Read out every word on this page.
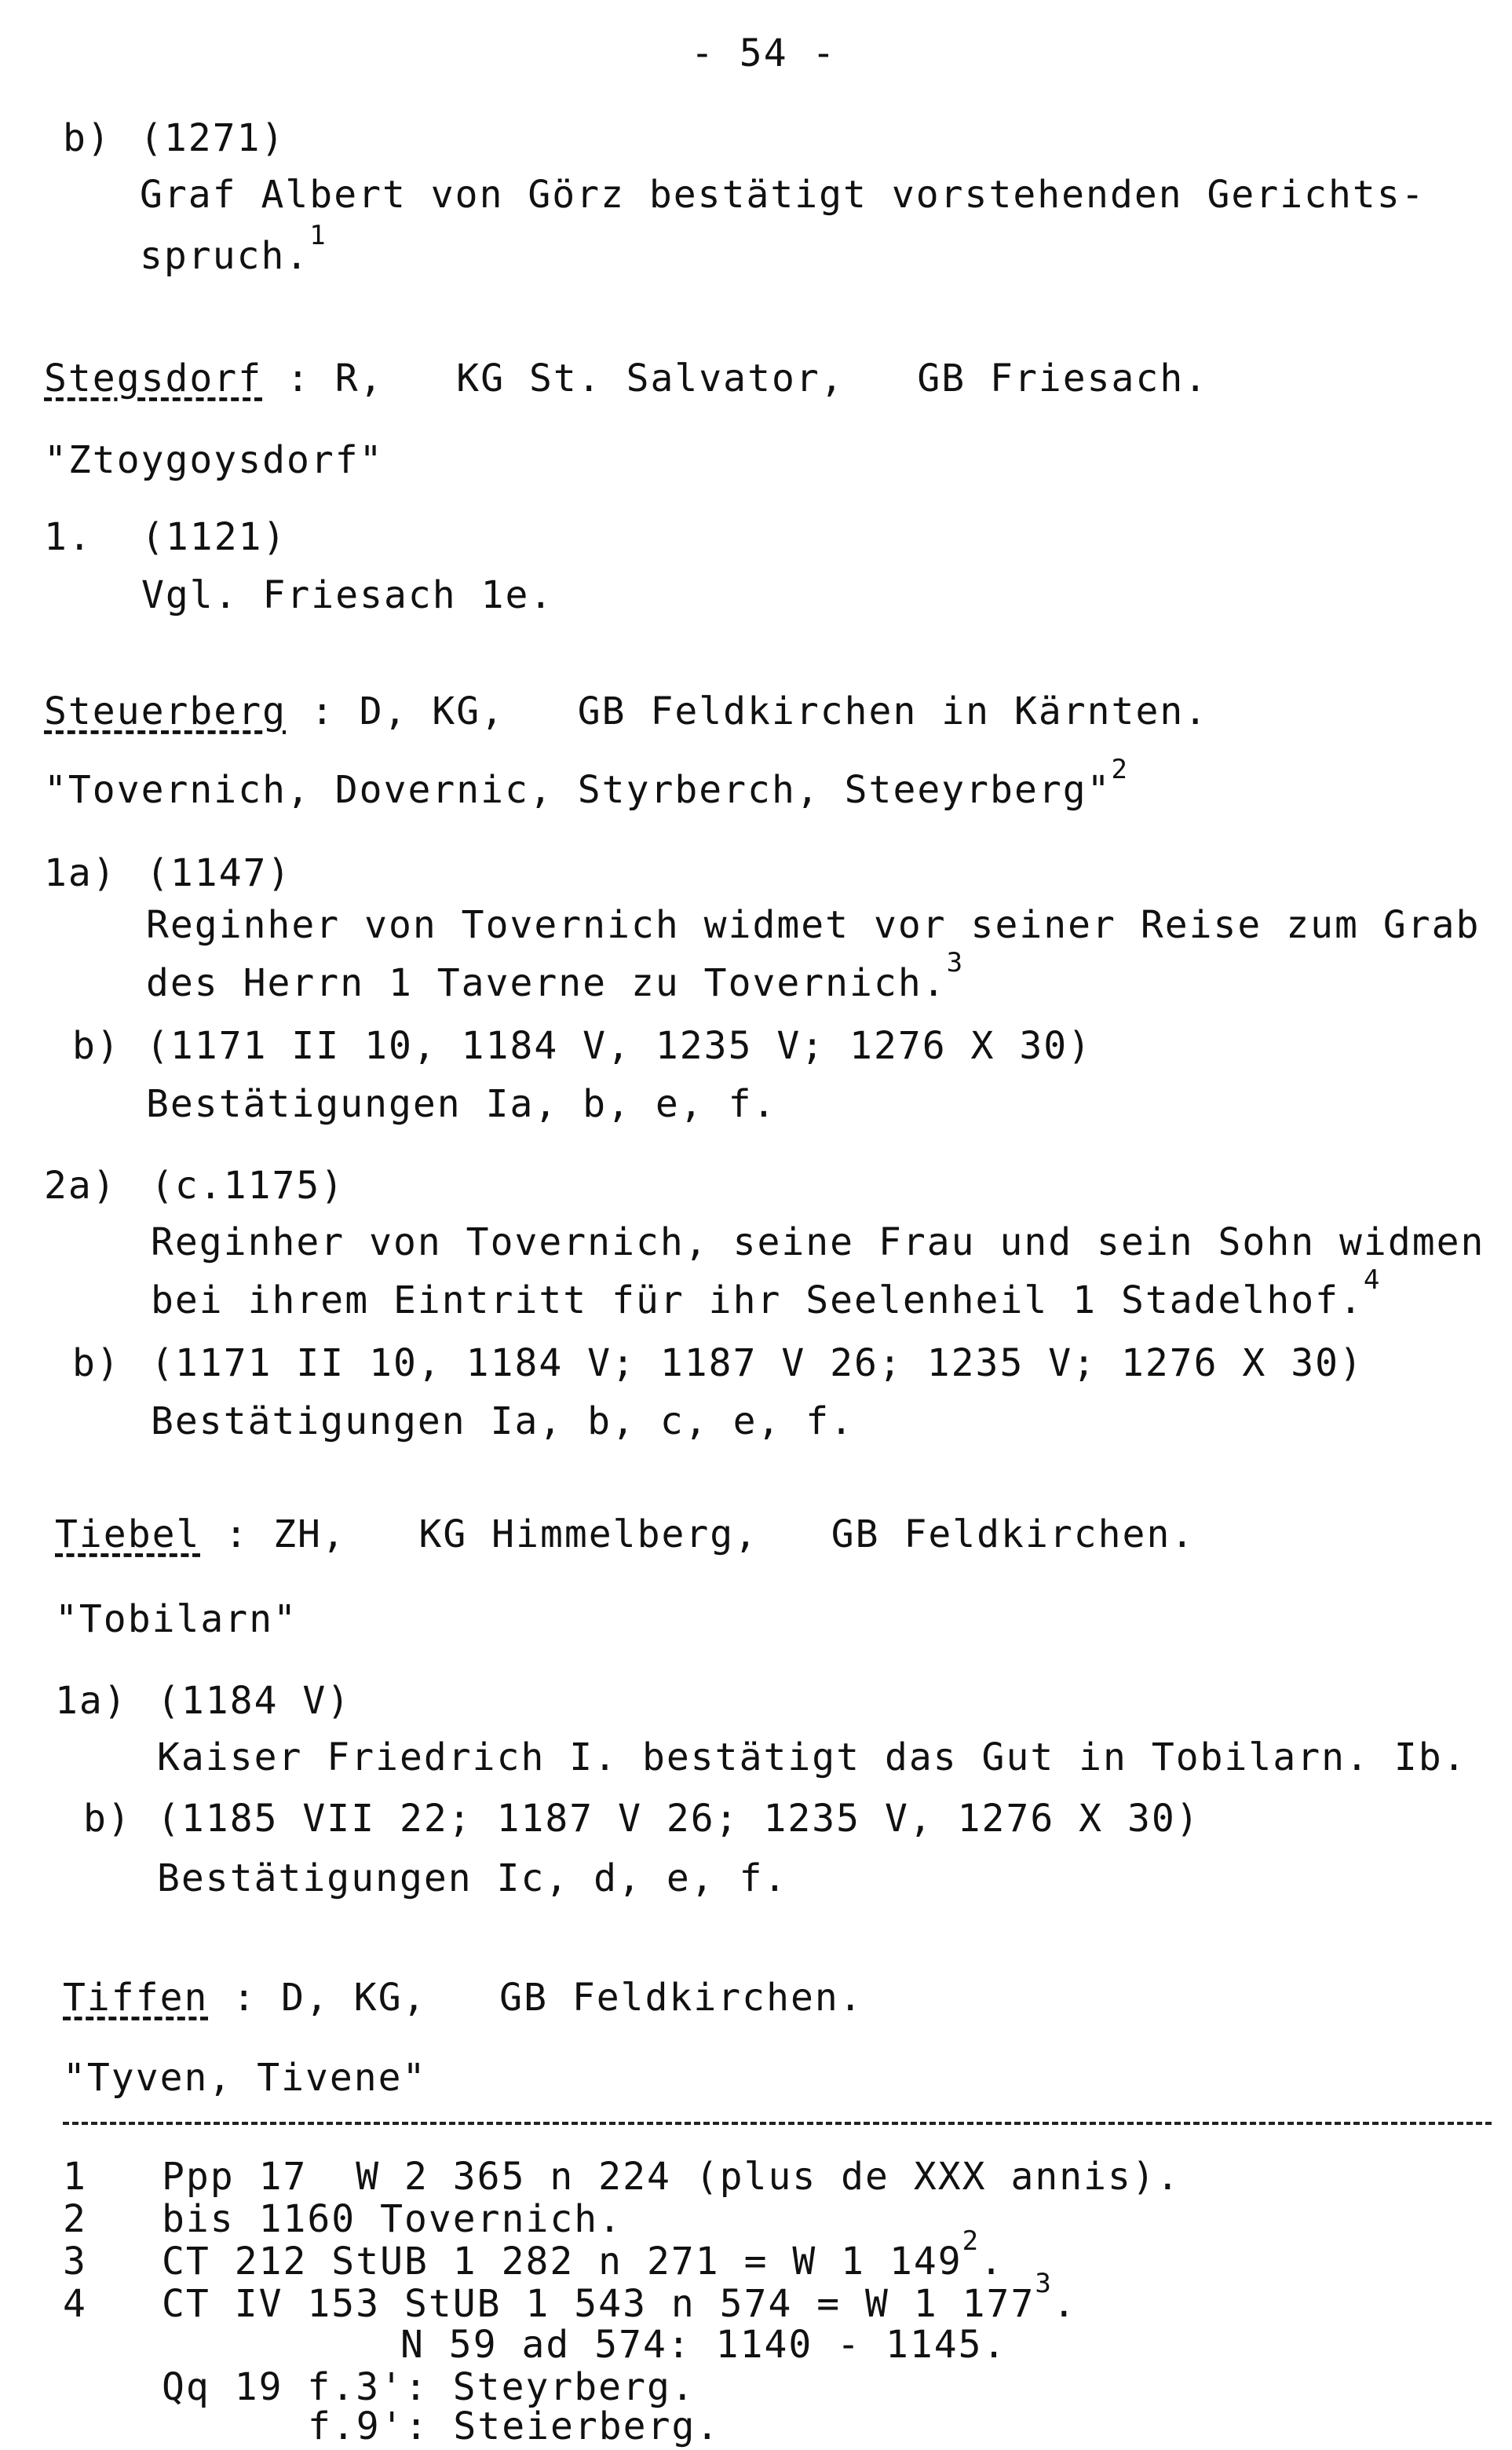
- 54 -
b) (1271)
Graf Albert von Görz bestätigt vorstehenden Gerichts-
spruch.$^1$
Stegsdorf : R,   KG St. Salvator,   GB Friesach.
"Ztoygoysdorf"
1. (1121)
Vgl. Friesach 1e.
Steuerberg : D, KG,   GB Feldkirchen in Kärnten.
"Tovernich, Dovernic, Styrberch, Steeyrberg"$^2$
1a) (1147)
Reginher von Tovernich widmet vor seiner Reise zum Grab
des Herrn 1 Taverne zu Tovernich.$^3$
b) (1171 II 10, 1184 V, 1235 V; 1276 X 30)
Bestätigungen Ia, b, e, f.
2a) (c.1175)
Reginher von Tovernich, seine Frau und sein Sohn widmen
bei ihrem Eintritt für ihr Seelenheil 1 Stadelhof.$^4$
b) (1171 II 10, 1184 V; 1187 V 26; 1235 V; 1276 X 30)
Bestätigungen Ia, b, c, e, f.
Tiebel : ZH,   KG Himmelberg,   GB Feldkirchen.
"Tobilarn"
1a) (1184 V)
Kaiser Friedrich I. bestätigt das Gut in Tobilarn. Ib.
b) (1185 VII 22; 1187 V 26; 1235 V, 1276 X 30)
Bestätigungen Ic, d, e, f.
Tiffen : D, KG,   GB Feldkirchen.
"Tyven, Tivene"
1 Ppp 17  W 2 365 n 224 (plus de XXX annis).
2 bis 1160 Tovernich.
3 CT 212 StUB 1 282 n 271 = W 1 $149^2$.
4 CT IV 153 StUB 1 543 n 574 = W 1 $177^3$.
N 59 ad 574: 1140 - 1145.
Qq 19 f.3': Steyrberg.
f.9': Steierberg.
